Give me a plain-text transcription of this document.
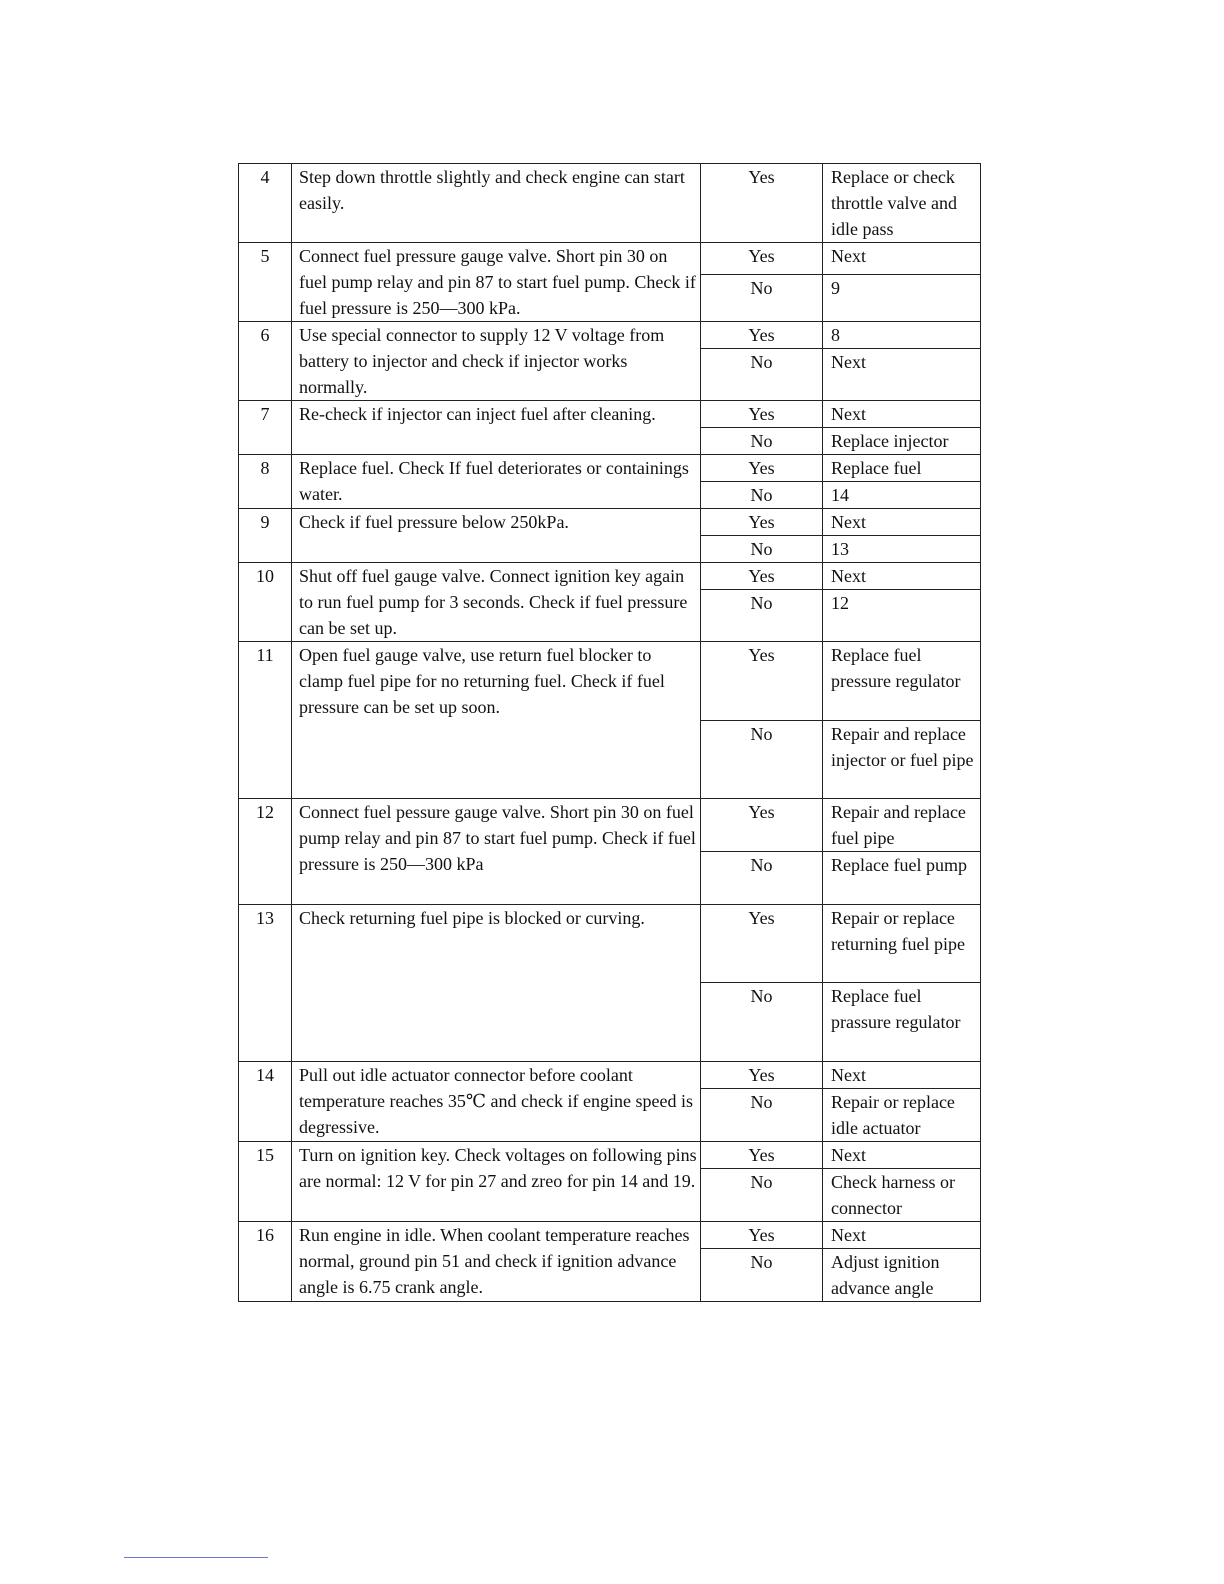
4	Step down throttle slightly and check engine can start easily.	Yes	Replace or check throttle valve and idle pass
5	Connect fuel pressure gauge valve. Short pin 30 on fuel pump relay and pin 87 to start fuel pump. Check if fuel pressure is 250—300 kPa.	Yes	Next
		No	9
6	Use special connector to supply 12 V voltage from battery to injector and check if injector works normally.	Yes	8
		No	Next
7	Re-check if injector can inject fuel after cleaning.	Yes	Next
		No	Replace injector
8	Replace fuel. Check If fuel deteriorates or containings water.	Yes	Replace fuel
		No	14
9	Check if fuel pressure below 250kPa.	Yes	Next
		No	13
10	Shut off fuel gauge valve. Connect ignition key again to run fuel pump for 3 seconds. Check if fuel pressure can be set up.	Yes	Next
		No	12
11	Open fuel gauge valve, use return fuel blocker to clamp fuel pipe for no returning fuel. Check if fuel pressure can be set up soon.	Yes	Replace fuel pressure regulator
		No	Repair and replace injector or fuel pipe
12	Connect fuel pessure gauge valve. Short pin 30 on fuel pump relay and pin 87 to start fuel pump. Check if fuel pressure is 250—300 kPa	Yes	Repair and replace fuel pipe
		No	Replace fuel pump
13	Check returning fuel pipe is blocked or curving.	Yes	Repair or replace returning fuel pipe
		No	Replace fuel prassure regulator
14	Pull out idle actuator connector before coolant temperature reaches 35℃ and check if engine speed is degressive.	Yes	Next
		No	Repair or replace idle actuator
15	Turn on ignition key. Check voltages on following pins are normal: 12 V for pin 27 and zreo for pin 14 and 19.	Yes	Next
		No	Check harness or connector
16	Run engine in idle. When coolant temperature reaches normal, ground pin 51 and check if ignition advance angle is 6.75 crank angle.	Yes	Next
		No	Adjust ignition advance angle
